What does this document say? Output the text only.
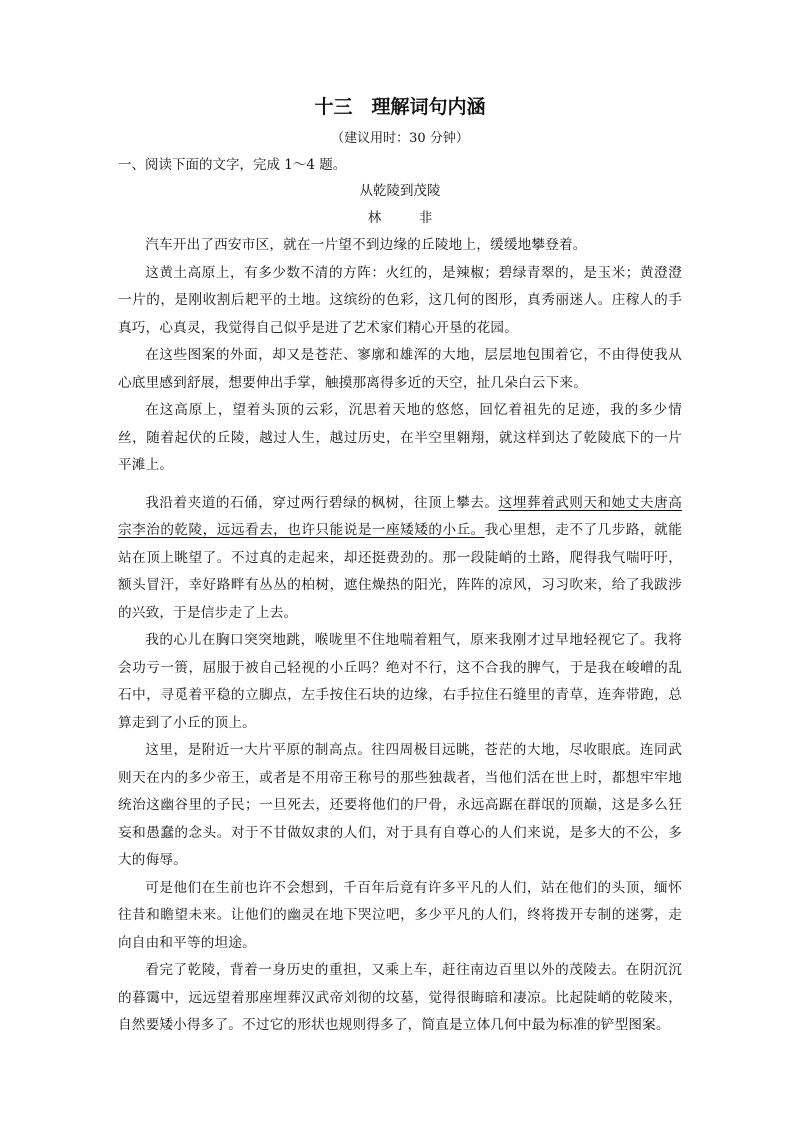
十三　理解词句内涵

（建议用时：30 分钟）

一、阅读下面的文字，完成 1～4 题。

从乾陵到茂陵

林　非

汽车开出了西安市区，就在一片望不到边缘的丘陵地上，缓缓地攀登着。

这黄土高原上，有多少数不清的方阵：火红的，是辣椒；碧绿青翠的，是玉米；黄澄澄一片的，是刚收割后耙平的土地。这缤纷的色彩，这几何的图形，真秀丽迷人。庄稼人的手真巧，心真灵，我觉得自己似乎是进了艺术家们精心开垦的花园。

在这些图案的外面，却又是苍茫、寥廓和雄浑的大地，层层地包围着它，不由得使我从心底里感到舒展，想要伸出手掌，触摸那离得多近的天空，扯几朵白云下来。

在这高原上，望着头顶的云彩，沉思着天地的悠悠，回忆着祖先的足迹，我的多少情丝，随着起伏的丘陵，越过人生，越过历史，在半空里翱翔，就这样到达了乾陵底下的一片平滩上。

我沿着夹道的石俑，穿过两行碧绿的枫树，往顶上攀去。这埋葬着武则天和她丈夫唐高宗李治的乾陵，远远看去，也许只能说是一座矮矮的小丘。我心里想，走不了几步路，就能站在顶上眺望了。不过真的走起来，却还挺费劲的。那一段陡峭的土路，爬得我气喘吁吁，额头冒汗，幸好路畔有丛丛的柏树，遮住燥热的阳光，阵阵的凉风，习习吹来，给了我跋涉的兴致，于是信步走了上去。

我的心儿在胸口突突地跳，喉咙里不住地喘着粗气，原来我刚才过早地轻视它了。我将会功亏一篑，屈服于被自己轻视的小丘吗？绝对不行，这不合我的脾气，于是我在峻嶒的乱石中，寻觅着平稳的立脚点，左手按住石块的边缘，右手拉住石缝里的青草，连奔带跑，总算走到了小丘的顶上。

这里，是附近一大片平原的制高点。往四周极目远眺，苍茫的大地，尽收眼底。连同武则天在内的多少帝王，或者是不用帝王称号的那些独裁者，当他们活在世上时，都想牢牢地统治这幽谷里的子民；一旦死去，还要将他们的尸骨，永远高踞在群氓的顶巅，这是多么狂妄和愚蠢的念头。对于不甘做奴隶的人们，对于具有自尊心的人们来说，是多大的不公，多大的侮辱。

可是他们在生前也许不会想到，千百年后竟有许多平凡的人们，站在他们的头顶，缅怀往昔和瞻望未来。让他们的幽灵在地下哭泣吧，多少平凡的人们，终将拨开专制的迷雾，走向自由和平等的坦途。

看完了乾陵，背着一身历史的重担，又乘上车，赶往南边百里以外的茂陵去。在阴沉沉的暮霭中，远远望着那座埋葬汉武帝刘彻的坟墓，觉得很晦暗和凄凉。比起陡峭的乾陵来，自然要矮小得多了。不过它的形状也规则得多了，简直是立体几何中最为标准的铲型图案。
